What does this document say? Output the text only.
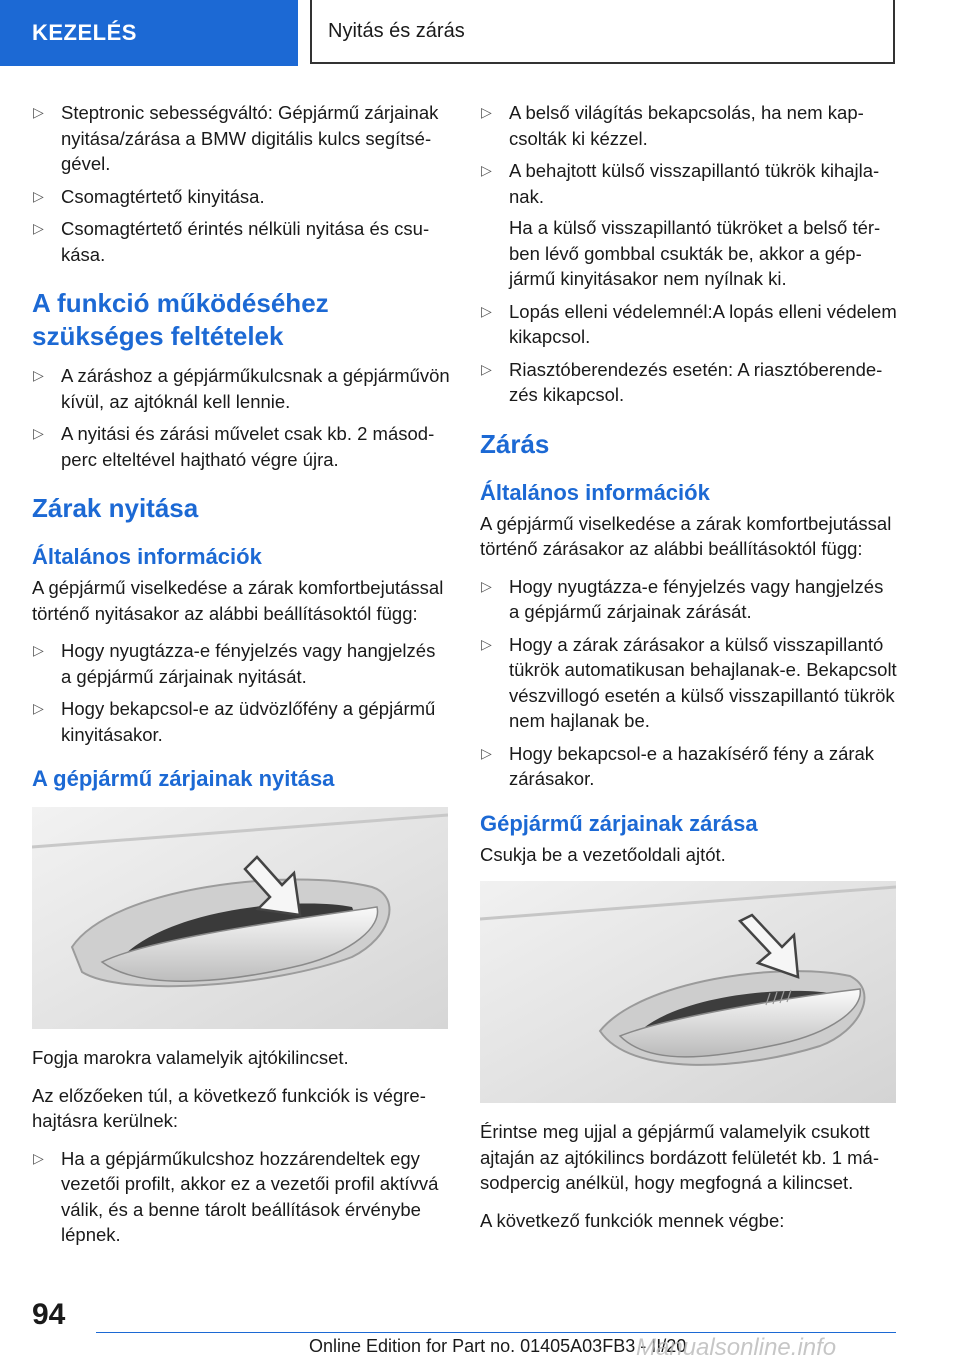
KEZELÉS	Nyitás és zárás
▷ Steptronic sebességváltó: Gépjármű zárjainak nyitása/zárása a BMW digitális kulcs segítségével.
▷ Csomagtértető kinyitása.
▷ Csomagtértető érintés nélküli nyitása és csukása.
A funkció működéséhez szükséges feltételek
▷ A záráshoz a gépjárműkulcsnak a gépjárművön kívül, az ajtóknál kell lennie.
▷ A nyitási és zárási művelet csak kb. 2 másodperc elteltével hajtható végre újra.
Zárak nyitása
Általános információk

A gépjármű viselkedése a zárak komfortbejutással történő nyitásakor az alábbi beállításoktól függ:

▷ Hogy nyugtázza-e fényjelzés vagy hangjelzés a gépjármű zárjainak nyitását.
▷ Hogy bekapcsol-e az üdvözlőfény a gépjármű kinyitásakor.
A gépjármű zárjainak nyitása

Fogja marokra valamelyik ajtókilincset.

Az előzőeken túl, a következő funkciók is végrehajtásra kerülnek:

▷ Ha a gépjárműkulcshoz hozzárendeltek egy vezetői profilt, akkor ez a vezetői profil aktívvá válik, és a benne tárolt beállítások érvénybe lépnek.
▷ A belső világítás bekapcsolás, ha nem kapcsolták ki kézzel.
▷ A behajtott külső visszapillantó tükrök kihajlanak.
Ha a külső visszapillantó tükröket a belső térben lévő gombbal csukták be, akkor a gépjármű kinyitásakor nem nyílnak ki.
▷ Lopás elleni védelemnél:A lopás elleni védelem kikapcsol.
▷ Riasztóberendezés esetén: A riasztóberendezés kikapcsol.
Zárás
Általános információk

A gépjármű viselkedése a zárak komfortbejutással történő zárásakor az alábbi beállításoktól függ:

▷ Hogy nyugtázza-e fényjelzés vagy hangjelzés a gépjármű zárjainak zárását.
▷ Hogy a zárak zárásakor a külső visszapillantó tükrök automatikusan behajlanak-e. Bekapcsolt vészvillogó esetén a külső visszapillantó tükrök nem hajlanak be.
▷ Hogy bekapcsol-e a hazakísérő fény a zárak zárásakor.
Gépjármű zárjainak zárása

Csukja be a vezetőoldali ajtót.

Érintse meg ujjal a gépjármű valamelyik csukott ajtaján az ajtókilincs bordázott felületét kb. 1 másodpercig anélkül, hogy megfogná a kilincset.

A következő funkciók mennek végbe:

94
Online Edition for Part no. 01405A03FB3 - II/20
Manualsonline.info
